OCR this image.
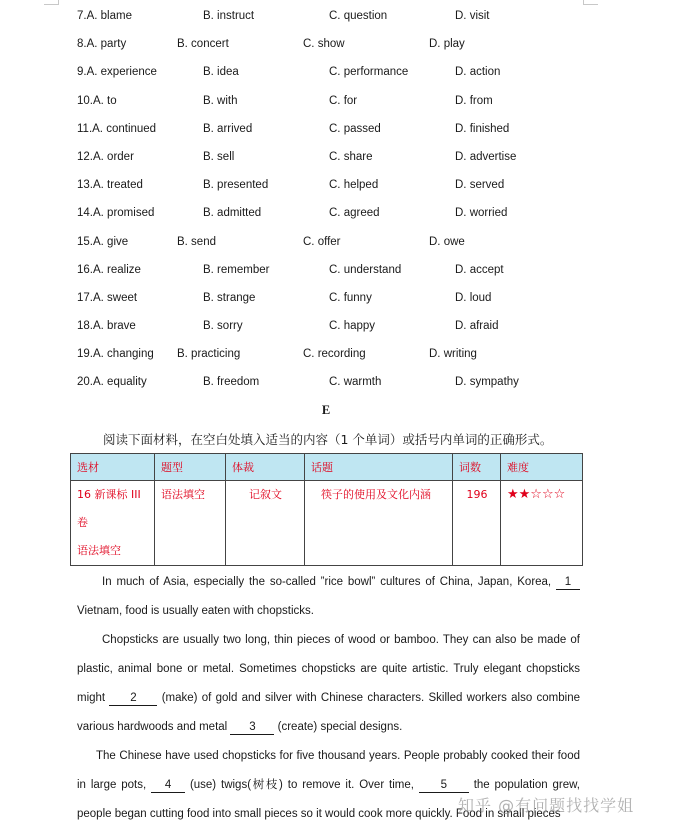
7.A. blame	B. instruct	C. question	D. visit
8.A. party	B. concert	C. show	D. play
9.A. experience	B. idea	C. performance	D. action
10.A. to	B. with	C. for	D. from
11.A. continued	B. arrived	C. passed	D. finished
12.A. order	B. sell	C. share	D. advertise
13.A. treated	B. presented	C. helped	D. served
14.A. promised	B. admitted	C. agreed	D. worried
15.A. give	B. send	C. offer	D. owe
16.A. realize	B. remember	C. understand	D. accept
17.A. sweet	B. strange	C. funny	D. loud
18.A. brave	B. sorry	C. happy	D. afraid
19.A. changing B. practicing	C. recording	D. writing
20.A. equality	B. freedom	C. warmth	D. sympathy
E
阅读下面材料，在空白处填入适当的内容（1 个单词）或括号内单词的正确形式。
选材	题型	体裁	话题	词数	难度

16 新课标 III 卷
语法填空	语法填空	记叙文	筷子的使用及文化内涵	196	★★☆☆☆

In much of Asia, especially the so-called ”rice bowl” cultures of China, Japan, Korea, 1 Vietnam, food is usually eaten with chopsticks.

Chopsticks are usually two long, thin pieces of wood or bamboo. They can also be made of plastic, animal bone or metal. Sometimes chopsticks are quite artistic. Truly elegant chopsticks might 2 (make) of gold and silver with Chinese characters. Skilled workers also combine various hardwoods and metal 3 (create) special designs.

The Chinese have used chopsticks for five thousand years. People probably cooked their food in large pots, 4 (use) twigs(树枝) to remove it. Over time, 5 the population grew, people began cutting food into small pieces so it would cook more quickly. Food in small pieces

知乎 @有问题找找学姐
